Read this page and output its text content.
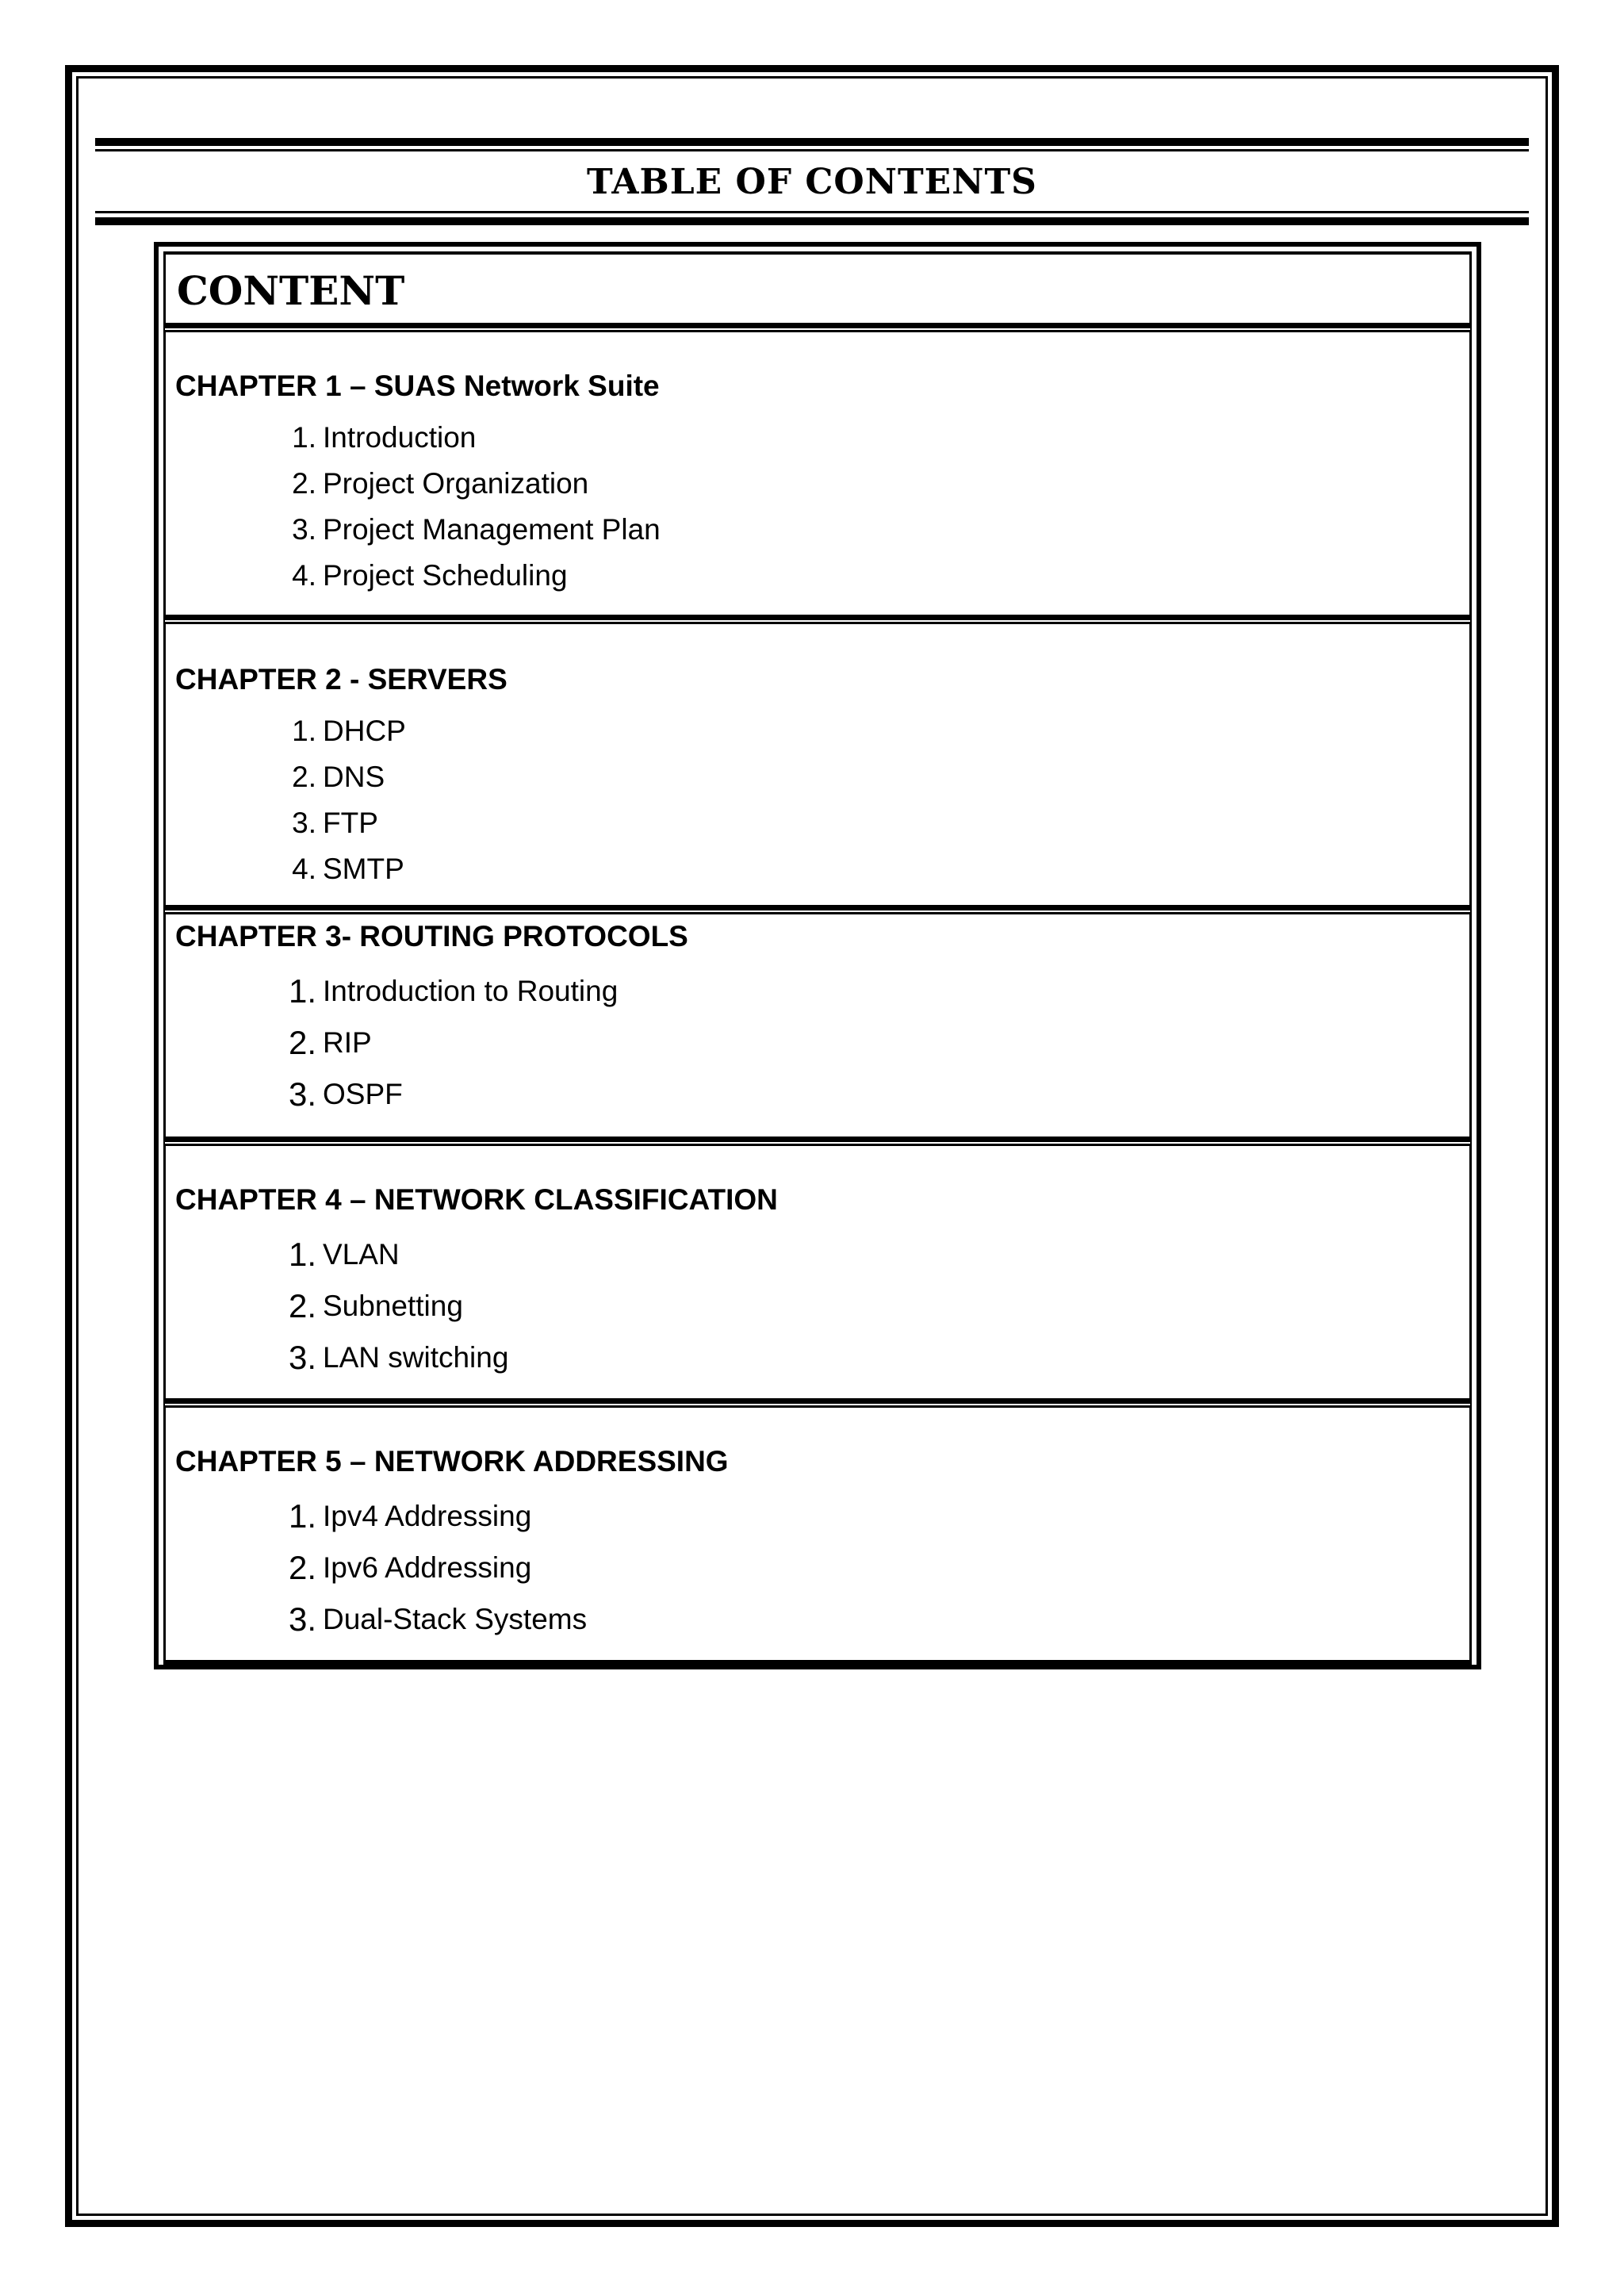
TABLE OF CONTENTS
CONTENT
CHAPTER 1 – SUAS Network Suite
1. Introduction
2. Project Organization
3. Project Management Plan
4. Project Scheduling
CHAPTER 2 - SERVERS
1. DHCP
2. DNS
3. FTP
4. SMTP
CHAPTER 3- ROUTING PROTOCOLS
1. Introduction to Routing
2. RIP
3. OSPF
CHAPTER 4 – NETWORK CLASSIFICATION
1. VLAN
2. Subnetting
3. LAN switching
CHAPTER 5 – NETWORK ADDRESSING
1. Ipv4 Addressing
2. Ipv6 Addressing
3. Dual-Stack Systems
